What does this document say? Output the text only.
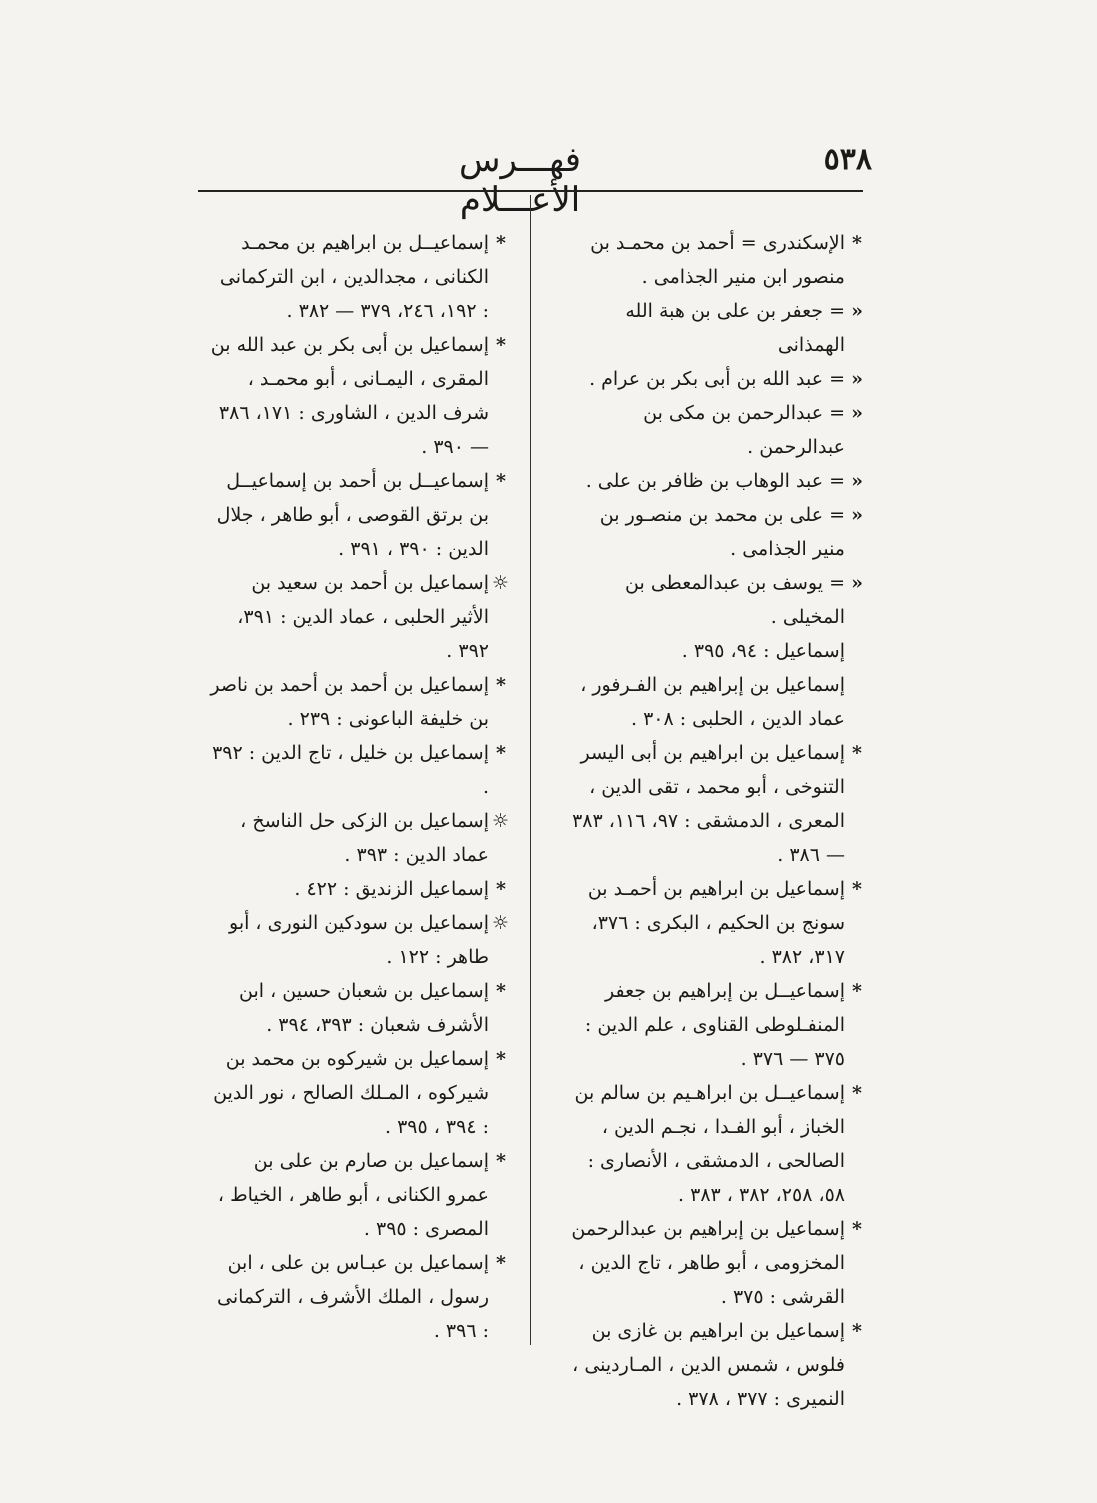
٥٣٨
فهـــرس الأعـــلام
*
الإسكندرى = أحمد بن محمـد بن منصور ابن منير الجذامى .
«
= جعفر بن على بن هبة الله الهمذانى
«
= عبد الله بن أبى بكر بن عرام .
«
= عبدالرحمن بن مكى بن عبدالرحمن .
«
= عبد الوهاب بن ظافر بن على .
«
= على بن محمد بن منصـور بن منير الجذامى .
«
= يوسف بن عبدالمعطى بن المخيلى .
إسماعيل : ٩٤، ٣٩٥ .
إسماعيل بن إبراهيم بن الفـرفور ، عماد الدين ، الحلبى : ٣٠٨ .
*
إسماعيل بن ابراهيم بن أبى اليسر التنوخى ، أبو محمد ، تقى الدين ، المعرى ، الدمشقى : ٩٧، ١١٦، ٣٨٣ — ٣٨٦ .
*
إسماعيل بن ابراهيم بن أحمـد بن سونج بن الحكيم ، البكرى : ٣٧٦، ٣١٧، ٣٨٢ .
*
إسماعيــل بن إبراهيم بن جعفر المنفـلوطى القناوى ، علم الدين : ٣٧٥ — ٣٧٦ .
*
إسماعيــل بن ابراهـيم بن سالم بن الخباز ، أبو الفـدا ، نجـم الدين ، الصالحى ، الدمشقى ، الأنصارى : ٥٨، ٢٥٨، ٣٨٢ ، ٣٨٣ .
*
إسماعيل بن إبراهيم بن عبدالرحمن المخزومى ، أبو طاهر ، تاج الدين ، القرشى : ٣٧٥ .
*
إسماعيل بن ابراهيم بن غازى بن فلوس ، شمس الدين ، المـاردينى ، النميرى : ٣٧٧ ، ٣٧٨ .
*
إسماعيــل بن ابراهيم بن محمـد الكنانى ، مجدالدين ، ابن التركمانى : ١٩٢، ٢٤٦، ٣٧٩ — ٣٨٢ .
*
إسماعيل بن أبى بكر بن عبد الله بن المقرى ، اليمـانى ، أبو محمـد ، شرف الدين ، الشاورى : ١٧١، ٣٨٦ — ٣٩٠ .
*
إسماعيــل بن أحمد بن إسماعيــل بن برتق القوصى ، أبو طاهر ، جلال الدين : ٣٩٠ ، ٣٩١ .
☼
إسماعيل بن أحمد بن سعيد بن الأثير الحلبى ، عماد الدين : ٣٩١، ٣٩٢ .
*
إسماعيل بن أحمد بن أحمد بن ناصر بن خليفة الباعونى : ٢٣٩ .
*
إسماعيل بن خليل ، تاج الدين : ٣٩٢ .
☼
إسماعيل بن الزكى حل الناسخ ، عماد الدين : ٣٩٣ .
*
إسماعيل الزنديق : ٤٢٢ .
☼
إسماعيل بن سودكين النورى ، أبو طاهر : ١٢٢ .
*
إسماعيل بن شعبان حسين ، ابن الأشرف شعبان : ٣٩٣، ٣٩٤ .
*
إسماعيل بن شيركوه بن محمد بن شيركوه ، المـلك الصالح ، نور الدين : ٣٩٤ ، ٣٩٥ .
*
إسماعيل بن صارم بن على بن عمرو الكنانى ، أبو طاهر ، الخياط ، المصرى : ٣٩٥ .
*
إسماعيل بن عبـاس بن على ، ابن رسول ، الملك الأشرف ، التركمانى : ٣٩٦ .
